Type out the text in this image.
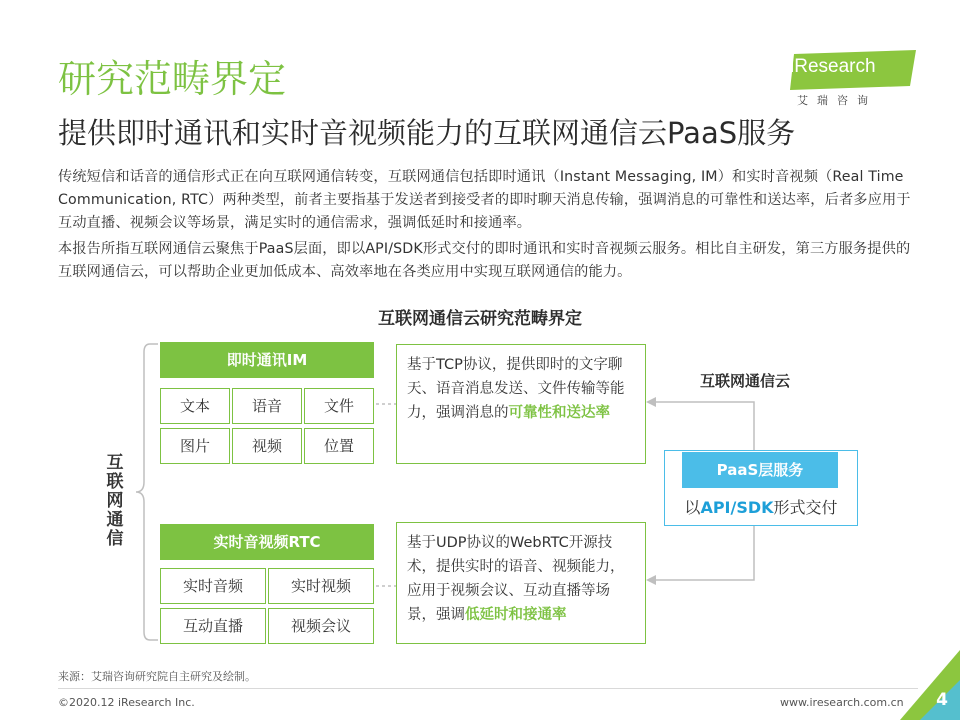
研究范畴界定
提供即时通讯和实时音视频能力的互联网通信云PaaS服务
iResearch
艾瑞咨询
传统短信和话音的通信形式正在向互联网通信转变，互联网通信包括即时通讯（Instant Messaging, IM）和实时音视频（Real Time Communication, RTC）两种类型，前者主要指基于发送者到接受者的即时聊天消息传输，强调消息的可靠性和送达率，后者多应用于互动直播、视频会议等场景，满足实时的通信需求，强调低延时和接通率。
本报告所指互联网通信云聚焦于PaaS层面，即以API/SDK形式交付的即时通讯和实时音视频云服务。相比自主研发，第三方服务提供的互联网通信云，可以帮助企业更加低成本、高效率地在各类应用中实现互联网通信的能力。
互联网通信云研究范畴界定
互联网通信
即时通讯IM
文本	语音	文件
图片	视频	位置
基于TCP协议，提供即时的文字聊天、语音消息发送、文件传输等能力，强调消息的可靠性和送达率
实时音视频RTC
实时音频	实时视频
互动直播	视频会议
基于UDP协议的WebRTC开源技术，提供实时的语音、视频能力，应用于视频会议、互动直播等场景，强调低延时和接通率
互联网通信云
PaaS层服务
以API/SDK形式交付
来源：艾瑞咨询研究院自主研究及绘制。
©2020.12 iResearch Inc.	www.iresearch.com.cn	4
